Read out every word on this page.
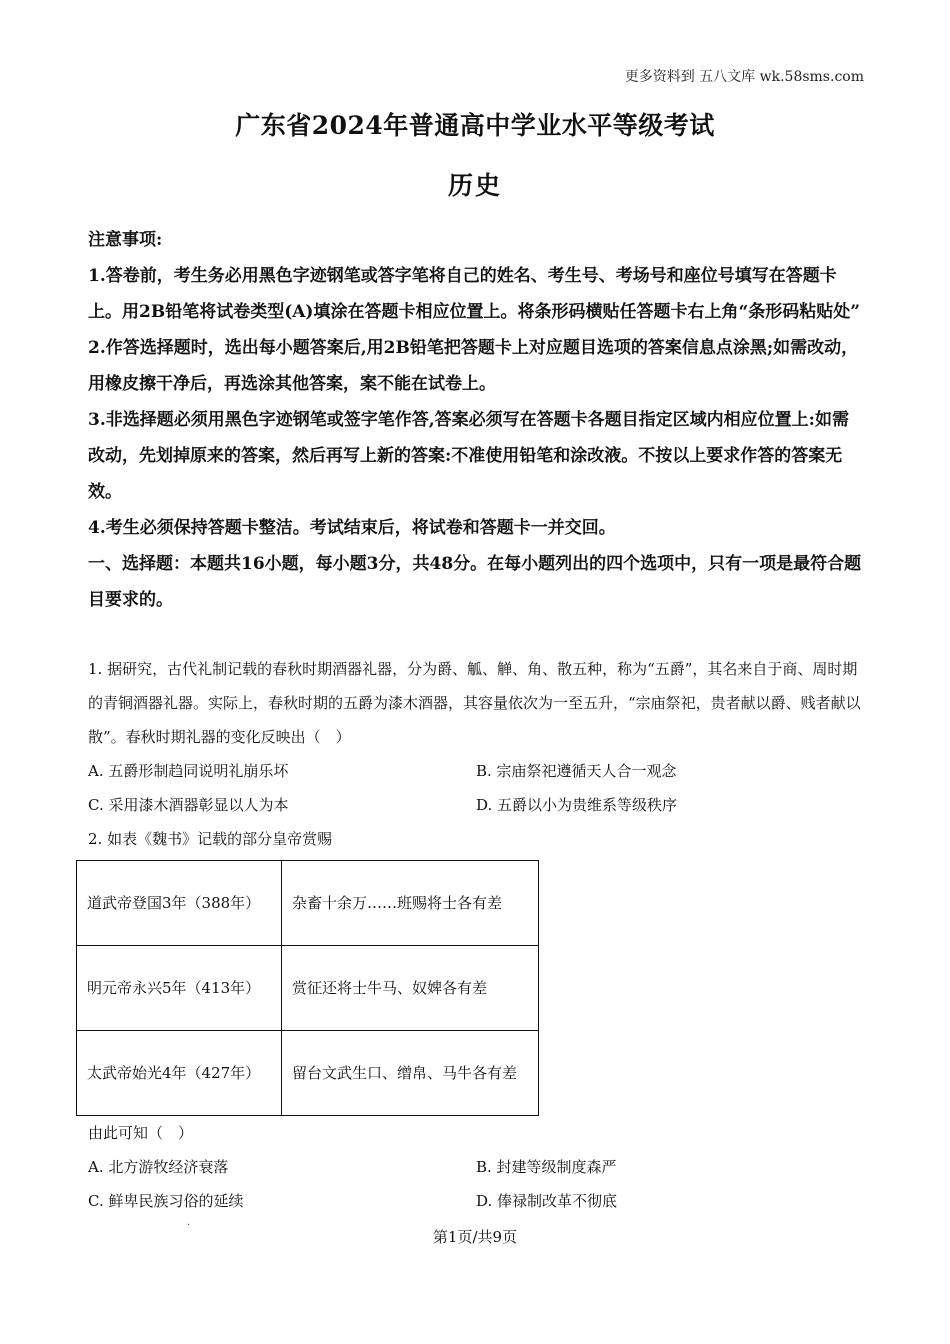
更多资料到 五八文库 wk.58sms.com
广东省2024年普通高中学业水平等级考试
历史

注意事项:

1.答卷前，考生务必用黑色字迹钢笔或答字笔将自己的姓名、考生号、考场号和座位号填写在答题卡上。用2B铅笔将试卷类型(A)填涂在答题卡相应位置上。将条形码横贴任答题卡右上角“条形码粘贴处”

2.作答选择题时，选出每小题答案后,用2B铅笔把答题卡上对应题目选项的答案信息点涂黑;如需改动，用橡皮擦干净后，再选涂其他答案，案不能在试卷上。

3.非选择题必须用黑色字迹钢笔或签字笔作答,答案必须写在答题卡各题目指定区域内相应位置上:如需改动，先划掉原来的答案，然后再写上新的答案:不准使用铅笔和涂改液。不按以上要求作答的答案无效。

4.考生必须保持答题卡整洁。考试结束后，将试卷和答题卡一并交回。

一、选择题：本题共16小题，每小题3分，共48分。在每小题列出的四个选项中，只有一项是最符合题目要求的。

1. 据研究，古代礼制记载的春秋时期酒器礼器，分为爵、觚、觯、角、散五种，称为“五爵”，其名来自于商、周时期的青铜酒器礼器。实际上，春秋时期的五爵为漆木酒器，其容量依次为一至五升，“宗庙祭祀，贵者献以爵、贱者献以散”。春秋时期礼器的变化反映出（　）

A. 五爵形制趋同说明礼崩乐坏	B. 宗庙祭祀遵循天人合一观念
C. 采用漆木酒器彰显以人为本	D. 五爵以小为贵维系等级秩序

2. 如表《魏书》记载的部分皇帝赏赐

道武帝登国3年（388年）	杂畜十余万……班赐将士各有差
明元帝永兴5年（413年）	赏征还将士牛马、奴婢各有差
太武帝始光4年（427年）	留台文武生口、缯帛、马牛各有差

由此可知（　）

A. 北方游牧经济衰落	B. 封建等级制度森严
C. 鲜卑民族习俗的延续	D. 俸禄制改革不彻底
·
第1页/共9页
